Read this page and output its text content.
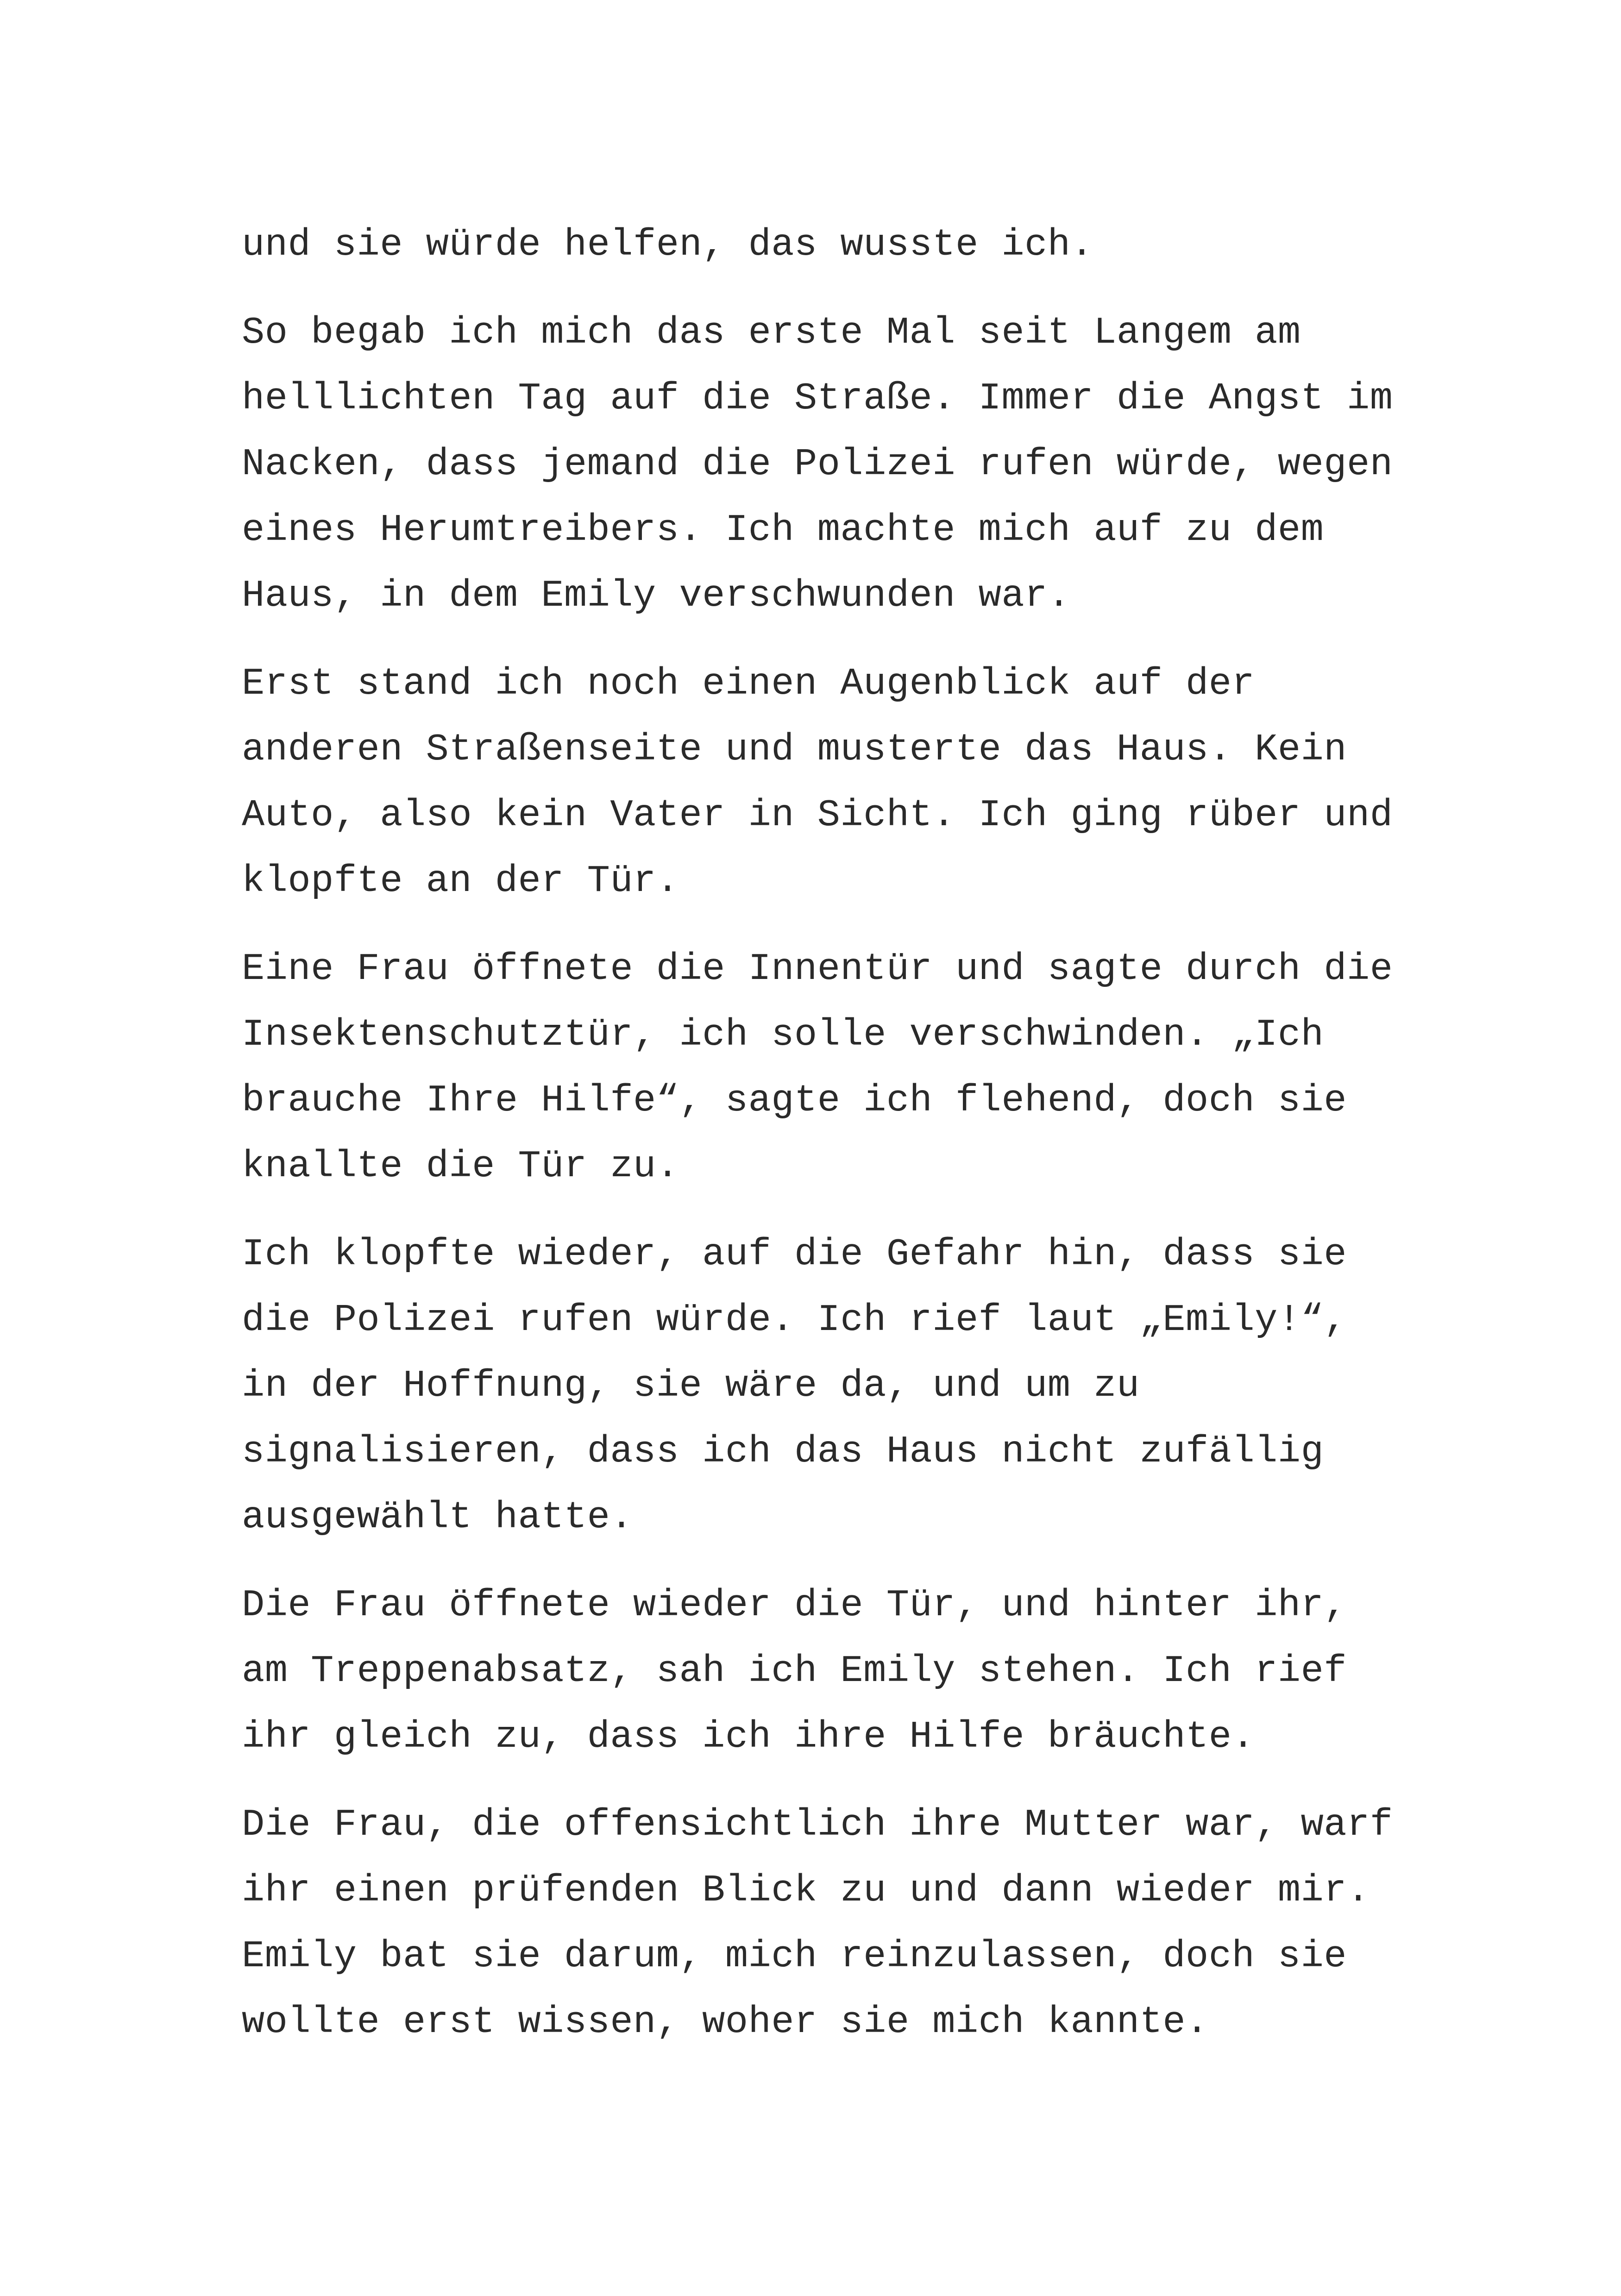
und sie würde helfen, das wusste ich.

So begab ich mich das erste Mal seit Langem am
helllichten Tag auf die Straße. Immer die Angst im
Nacken, dass jemand die Polizei rufen würde, wegen
eines Herumtreibers. Ich machte mich auf zu dem
Haus, in dem Emily verschwunden war.

Erst stand ich noch einen Augenblick auf der
anderen Straßenseite und musterte das Haus. Kein
Auto, also kein Vater in Sicht. Ich ging rüber und
klopfte an der Tür.

Eine Frau öffnete die Innentür und sagte durch die
Insektenschutztür, ich solle verschwinden. „Ich
brauche Ihre Hilfe“, sagte ich flehend, doch sie
knallte die Tür zu.

Ich klopfte wieder, auf die Gefahr hin, dass sie
die Polizei rufen würde. Ich rief laut „Emily!“,
in der Hoffnung, sie wäre da, und um zu
signalisieren, dass ich das Haus nicht zufällig
ausgewählt hatte.

Die Frau öffnete wieder die Tür, und hinter ihr,
am Treppenabsatz, sah ich Emily stehen. Ich rief
ihr gleich zu, dass ich ihre Hilfe bräuchte.

Die Frau, die offensichtlich ihre Mutter war, warf
ihr einen prüfenden Blick zu und dann wieder mir.
Emily bat sie darum, mich reinzulassen, doch sie
wollte erst wissen, woher sie mich kannte.
